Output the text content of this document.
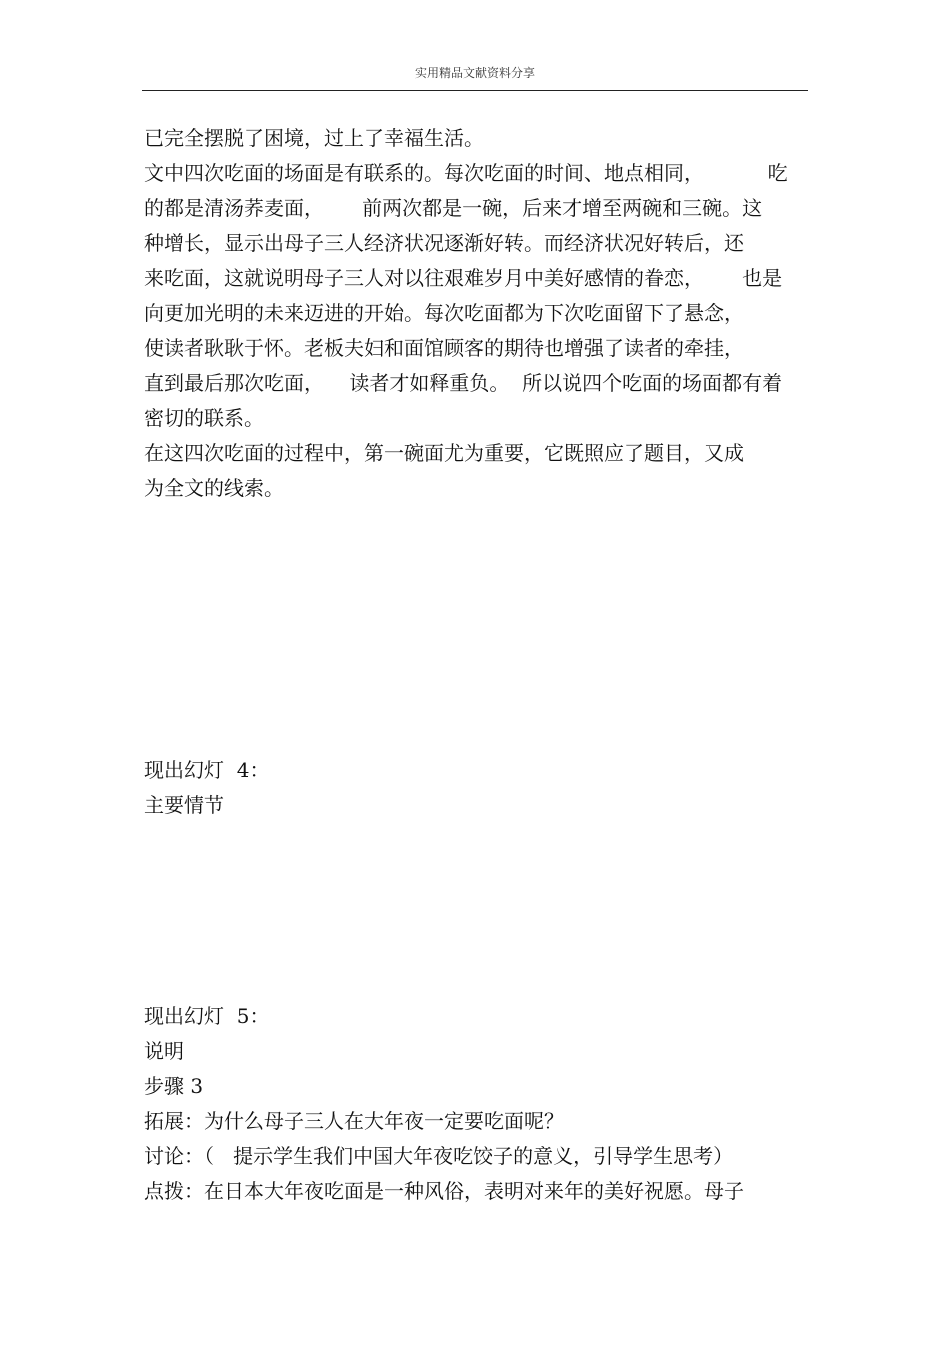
实用精品文献资料分享
已完全摆脱了困境，过上了幸福生活。
文中四次吃面的场面是有联系的。每次吃面的时间、地点相同，          吃
的都是清汤荞麦面，      前两次都是一碗，后来才增至两碗和三碗。这
种增长，显示出母子三人经济状况逐渐好转。而经济状况好转后，还
来吃面，这就说明母子三人对以往艰难岁月中美好感情的眷恋，      也是
向更加光明的未来迈进的开始。每次吃面都为下次吃面留下了悬念，
使读者耿耿于怀。老板夫妇和面馆顾客的期待也增强了读者的牵挂，
直到最后那次吃面，    读者才如释重负。  所以说四个吃面的场面都有着
密切的联系。
在这四次吃面的过程中，第一碗面尤为重要，它既照应了题目，又成
为全文的线索。
现出幻灯  4：
主要情节
现出幻灯  5：
说明
步骤 3
拓展：为什么母子三人在大年夜一定要吃面呢？
讨论：（   提示学生我们中国大年夜吃饺子的意义，引导学生思考）
点拨：在日本大年夜吃面是一种风俗，表明对来年的美好祝愿。母子
